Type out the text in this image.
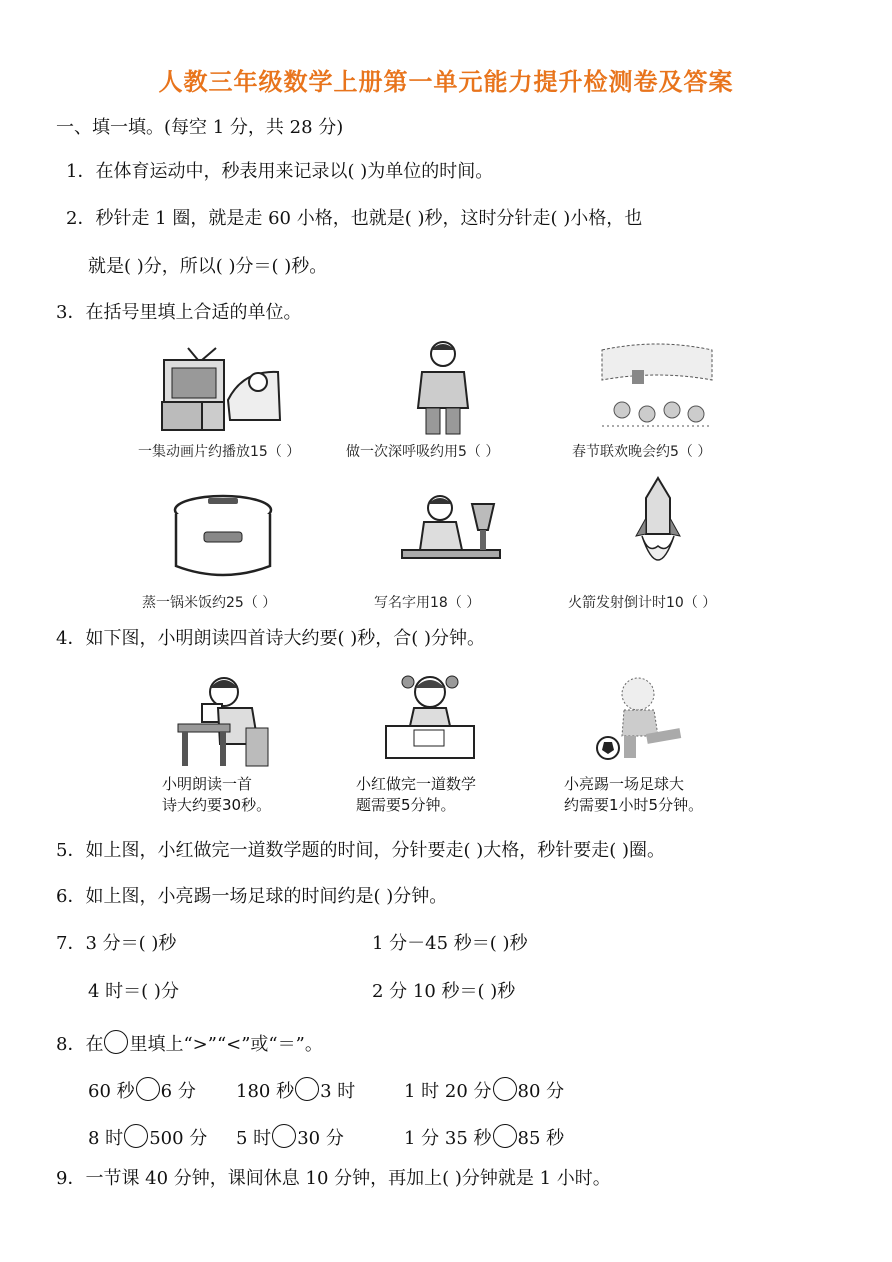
人教三年级数学上册第一单元能力提升检测卷及答案
一、填一填。(每空 1 分，共 28 分)
1．在体育运动中，秒表用来记录以( )为单位的时间。
2．秒针走 1 圈，就是走 60 小格，也就是( )秒，这时分针走( )小格，也
就是( )分，所以( )分＝( )秒。
3．在括号里填上合适的单位。
一集动画片约播放15（ ）	做一次深呼吸约用5（ ）	春节联欢晚会约5（ ）
蒸一锅米饭约25（ ）	写名字用18（ ）	火箭发射倒计时10（ ）
4．如下图，小明朗读四首诗大约要( )秒，合( )分钟。
小明朗读一首
诗大约要30秒。
小红做完一道数学
题需要5分钟。
小亮踢一场足球大
约需要1小时5分钟。
5．如上图，小红做完一道数学题的时间，分针要走( )大格，秒针要走( )圈。
6．如上图，小亮踢一场足球的时间约是( )分钟。
7．3 分＝( )秒	1 分－45 秒＝( )秒
4 时＝( )分	2 分 10 秒＝( )秒
8．在 里填上“>”“<”或“＝”。
60 秒 6 分 180 秒 3 时	1 时 20 分 80 分
8 时 500 分 5 时 30 分	1 分 35 秒 85 秒
9．一节课 40 分钟，课间休息 10 分钟，再加上( )分钟就是 1 小时。
